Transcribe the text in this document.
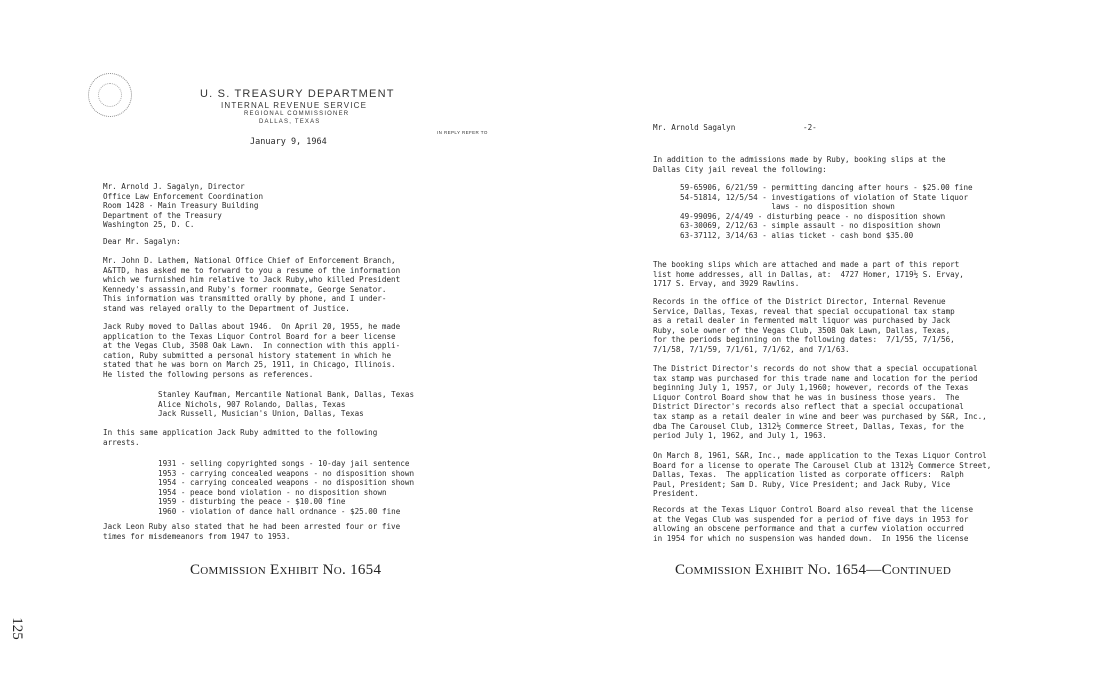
125
U. S. TREASURY DEPARTMENT
INTERNAL REVENUE SERVICE
REGIONAL COMMISSIONER
DALLAS, TEXAS
IN REPLY REFER TO
January 9, 1964
Mr. Arnold J. Sagalyn, Director
Office Law Enforcement Coordination
Room 1428 - Main Treasury Building
Department of the Treasury
Washington 25, D. C.
Dear Mr. Sagalyn:
Mr. John D. Lathem, National Office Chief of Enforcement Branch,
A&TTD, has asked me to forward to you a resume of the information
which we furnished him relative to Jack Ruby,who killed President
Kennedy's assassin,and Ruby's former roommate, George Senator.
This information was transmitted orally by phone, and I under-
stand was relayed orally to the Department of Justice.
Jack Ruby moved to Dallas about 1946.  On April 20, 1955, he made
application to the Texas Liquor Control Board for a beer license
at the Vegas Club, 3508 Oak Lawn.  In connection with this appli-
cation, Ruby submitted a personal history statement in which he
stated that he was born on March 25, 1911, in Chicago, Illinois.
He listed the following persons as references.
Stanley Kaufman, Mercantile National Bank, Dallas, Texas
Alice Nichols, 907 Rolando, Dallas, Texas
Jack Russell, Musician's Union, Dallas, Texas
In this same application Jack Ruby admitted to the following
arrests.
1931 - selling copyrighted songs - 10-day jail sentence
1953 - carrying concealed weapons - no disposition shown
1954 - carrying concealed weapons - no disposition shown
1954 - peace bond violation - no disposition shown
1959 - disturbing the peace - $10.00 fine
1960 - violation of dance hall ordnance - $25.00 fine
Jack Leon Ruby also stated that he had been arrested four or five
times for misdemeanors from 1947 to 1953.
Commission Exhibit No. 1654
Mr. Arnold Sagalyn	-2-
In addition to the admissions made by Ruby, booking slips at the
Dallas City jail reveal the following:
59-65906, 6/21/59 - permitting dancing after hours - $25.00 fine
54-51814, 12/5/54 - investigations of violation of State liquor
laws - no disposition shown
49-99096, 2/4/49 - disturbing peace - no disposition shown
63-30069, 2/12/63 - simple assault - no disposition shown
63-37112, 3/14/63 - alias ticket - cash bond $35.00
The booking slips which are attached and made a part of this report
list home addresses, all in Dallas, at:  4727 Homer, 1719½ S. Ervay,
1717 S. Ervay, and 3929 Rawlins.
Records in the office of the District Director, Internal Revenue
Service, Dallas, Texas, reveal that special occupational tax stamp
as a retail dealer in fermented malt liquor was purchased by Jack
Ruby, sole owner of the Vegas Club, 3508 Oak Lawn, Dallas, Texas,
for the periods beginning on the following dates:  7/1/55, 7/1/56,
7/1/58, 7/1/59, 7/1/61, 7/1/62, and 7/1/63.
The District Director's records do not show that a special occupational
tax stamp was purchased for this trade name and location for the period
beginning July 1, 1957, or July 1,1960; however, records of the Texas
Liquor Control Board show that he was in business those years.  The
District Director's records also reflect that a special occupational
tax stamp as a retail dealer in wine and beer was purchased by S&R, Inc.,
dba The Carousel Club, 1312½ Commerce Street, Dallas, Texas, for the
period July 1, 1962, and July 1, 1963.
On March 8, 1961, S&R, Inc., made application to the Texas Liquor Control
Board for a license to operate The Carousel Club at 1312½ Commerce Street,
Dallas, Texas.  The application listed as corporate officers:  Ralph
Paul, President; Sam D. Ruby, Vice President; and Jack Ruby, Vice
President.
Records at the Texas Liquor Control Board also reveal that the license
at the Vegas Club was suspended for a period of five days in 1953 for
allowing an obscene performance and that a curfew violation occurred
in 1954 for which no suspension was handed down.  In 1956 the license
Commission Exhibit No. 1654—Continued
